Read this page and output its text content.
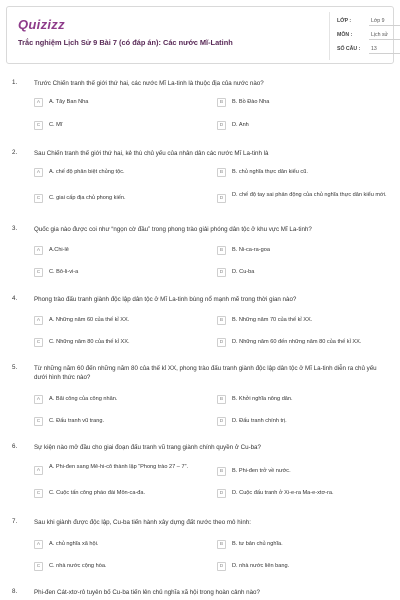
Quizizz
Trắc nghiệm Lịch Sử 9 Bài 7 (có đáp án): Các nước Mĩ-Latinh
LỚP :	Lớp 9
MÔN :	Lịch sử
SỐ CÂU : 13
1.	Trước Chiến tranh thế giới thứ hai, các nước Mĩ La-tinh là thuộc địa của nước nào?
A	A. Tây Ban Nha	B	B. Bồ Đào Nha
C	C. Mĩ	D	D. Anh
2.	Sau Chiến tranh thế giới thứ hai, kẻ thù chủ yếu của nhân dân các nước Mĩ La-tinh là
A	A. chế độ phân biệt chủng tộc.	B	B. chủ nghĩa thực dân kiểu cũ.
C	C. giai cấp địa chủ phong kiến.	D
D. chế độ tay sai phản động của chủ nghĩa thực dân kiểu mới.
3.	Quốc gia nào được coi như “ngọn cờ đầu” trong phong trào giải phóng dân tộc ở khu vực Mĩ La-tinh?
A	A.Chi-lê	B	B. Ni-ca-ra-goa
C	C. Bô-li-vi-a	D	D. Cu-ba
4.	Phong trào đấu tranh giành độc lập dân tộc ở Mĩ La-tinh bùng nổ mạnh mẽ trong thời gian nào?
A	A. Những năm 60 của thế kỉ XX.	B	B. Những năm 70 của thế kỉ XX.
C	C. Những năm 80 của thế kỉ XX.	D	D. Những năm 60 đến những năm 80 của thế kỉ XX.
5.	Từ những năm 60 đến những năm 80 của thế kỉ XX, phong trào đấu tranh giành độc lập dân tộc ở Mĩ La-tinh diễn ra chủ yếu dưới hình thức nào?
A	A. Bãi công của công nhân.	B	B. Khởi nghĩa nông dân.
C	C. Đấu tranh vũ trang.	D	D. Đấu tranh chính trị.
6.	Sự kiện nào mở đầu cho giai đoạn đấu tranh vũ trang giành chính quyền ở Cu-ba?
A
A. Phi-đen sang Mê-hi-cô thành lập “Phong trào 27 – 7”.
B	B. Phi-đen trở về nước.
C	C. Cuộc tấn công pháo đài Môn-ca-đa.	D	D. Cuộc đấu tranh ở Xi-e-ra Ma-e-xtơ-ra.
7.	Sau khi giành được độc lập, Cu-ba tiến hành xây dựng đất nước theo mô hình:
A	A. chủ nghĩa xã hội.	B	B. tư bản chủ nghĩa.
C	C. nhà nước cộng hòa.	D	D. nhà nước liên bang.
8.	Phi-đen Cát-xtơ-rô tuyên bố Cu-ba tiến lên chủ nghĩa xã hội trong hoàn cảnh nào?
